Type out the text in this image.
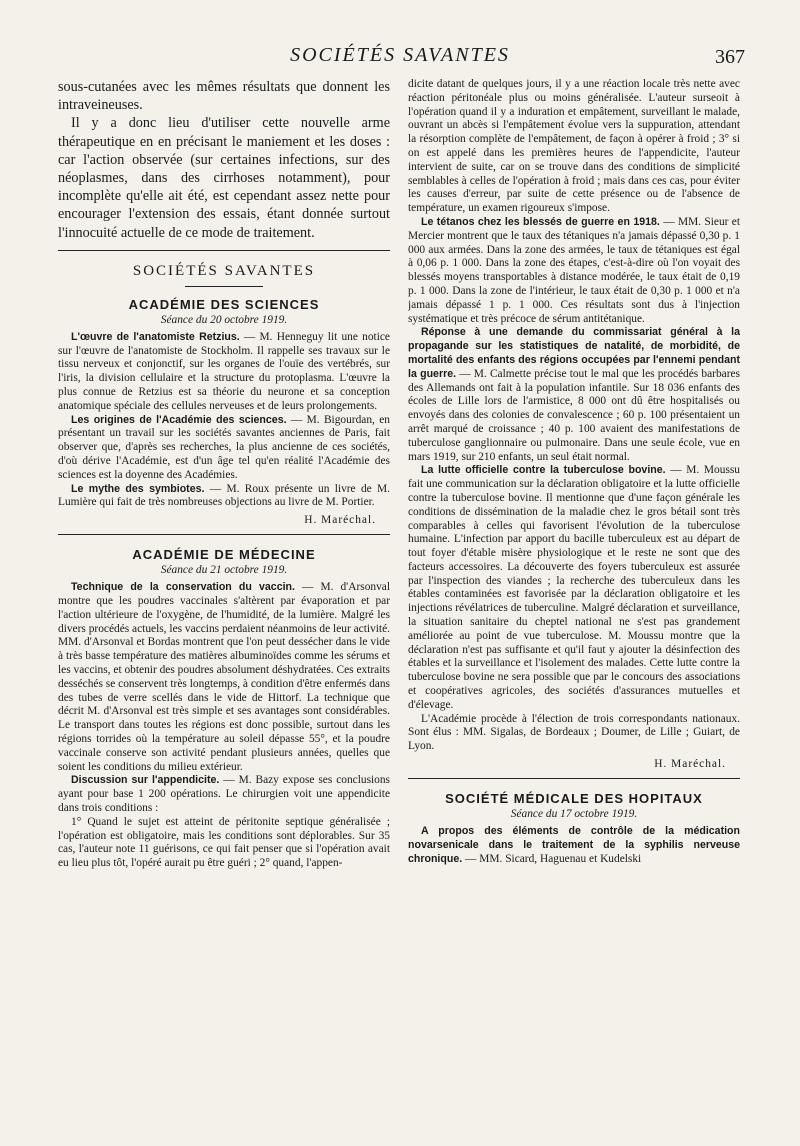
SOCIÉTÉS SAVANTES	367

sous-cutanées avec les mêmes résultats que donnent les intraveineuses.

Il y a donc lieu d'utiliser cette nouvelle arme thérapeutique en en précisant le maniement et les doses : car l'action observée (sur certaines infections, sur des néoplasmes, dans des cirrhoses notamment), pour incomplète qu'elle ait été, est cependant assez nette pour encourager l'extension des essais, étant donnée surtout l'innocuité actuelle de ce mode de traitement.

SOCIÉTÉS SAVANTES
ACADÉMIE DES SCIENCES
Séance du 20 octobre 1919.

L'œuvre de l'anatomiste Retzius. — M. Henneguy lit une notice sur l'œuvre de l'anatomiste de Stockholm. Il rappelle ses travaux sur le tissu nerveux et conjonctif, sur les organes de l'ouïe des vertébrés, sur l'iris, la division cellulaire et la structure du protoplasma. L'œuvre la plus connue de Retzius est sa théorie du neurone et sa conception anatomique spéciale des cellules nerveuses et de leurs prolongements.

Les origines de l'Académie des sciences. — M. Bigourdan, en présentant un travail sur les sociétés savantes anciennes de Paris, fait observer que, d'après ses recherches, la plus ancienne de ces sociétés, d'où dérive l'Académie, est d'un âge tel qu'en réalité l'Académie des sciences est la doyenne des Académies.

Le mythe des symbiotes. — M. Roux présente un livre de M. Lumière qui fait de très nombreuses objections au livre de M. Portier.

H. Maréchal.
ACADÉMIE DE MÉDECINE
Séance du 21 octobre 1919.

Technique de la conservation du vaccin. — M. d'Arsonval montre que les poudres vaccinales s'altèrent par évaporation et par l'action ultérieure de l'oxygène, de l'humidité, de la lumière. Malgré les divers procédés actuels, les vaccins perdaient néanmoins de leur activité. MM. d'Arsonval et Bordas montrent que l'on peut dessécher dans le vide à très basse température des matières albuminoïdes comme les sérums et les vaccins, et obtenir des poudres absolument déshydratées. Ces extraits desséchés se conservent très longtemps, à condition d'être enfermés dans des tubes de verre scellés dans le vide de Hittorf. La technique que décrit M. d'Arsonval est très simple et ses avantages sont considérables. Le transport dans toutes les régions est donc possible, surtout dans les régions torrides où la température au soleil dépasse 55°, et la poudre vaccinale conserve son activité pendant plusieurs années, quelles que soient les conditions du milieu extérieur.

Discussion sur l'appendicite. — M. Bazy expose ses conclusions ayant pour base 1 200 opérations. Le chirurgien voit une appendicite dans trois conditions :

1° Quand le sujet est atteint de péritonite septique généralisée ; l'opération est obligatoire, mais les conditions sont déplorables. Sur 35 cas, l'auteur note 11 guérisons, ce qui fait penser que si l'opération avait eu lieu plus tôt, l'opéré aurait pu être guéri ; 2° quand, l'appen-

dicite datant de quelques jours, il y a une réaction locale très nette avec réaction péritonéale plus ou moins généralisée. L'auteur surseoit à l'opération quand il y a induration et empâtement, surveillant le malade, ouvrant un abcès si l'empâtement évolue vers la suppuration, attendant la résorption complète de l'empâtement, de façon à opérer à froid ; 3° si on est appelé dans les premières heures de l'appendicite, l'auteur intervient de suite, car on se trouve dans des conditions de simplicité semblables à celles de l'opération à froid ; mais dans ces cas, pour éviter les causes d'erreur, par suite de cette présence ou de l'absence de température, un examen rigoureux s'impose.

Le tétanos chez les blessés de guerre en 1918. — MM. Sieur et Mercier montrent que le taux des tétaniques n'a jamais dépassé 0,30 p. 1 000 aux armées. Dans la zone des armées, le taux de tétaniques est égal à 0,06 p. 1 000. Dans la zone des étapes, c'est-à-dire où l'on voyait des blessés moyens transportables à distance modérée, le taux était de 0,19 p. 1 000. Dans la zone de l'intérieur, le taux était de 0,30 p. 1 000 et n'a jamais dépassé 1 p. 1 000. Ces résultats sont dus à l'injection systématique et très précoce de sérum antitétanique.

Réponse à une demande du commissariat général à la propagande sur les statistiques de natalité, de morbidité, de mortalité des enfants des régions occupées par l'ennemi pendant la guerre. — M. Calmette précise tout le mal que les procédés barbares des Allemands ont fait à la population infantile. Sur 18 036 enfants des écoles de Lille lors de l'armistice, 8 000 ont dû être hospitalisés ou envoyés dans des colonies de convalescence ; 60 p. 100 présentaient un arrêt marqué de croissance ; 40 p. 100 avaient des manifestations de tuberculose ganglionnaire ou pulmonaire. Dans une seule école, vue en mars 1919, sur 210 enfants, un seul était normal.

La lutte officielle contre la tuberculose bovine. — M. Moussu fait une communication sur la déclaration obligatoire et la lutte officielle contre la tuberculose bovine. Il mentionne que d'une façon générale les conditions de dissémination de la maladie chez le gros bétail sont très comparables à celles qui favorisent l'évolution de la tuberculose humaine. L'infection par apport du bacille tuberculeux est au départ de tout foyer d'étable misère physiologique et le reste ne sont que des facteurs accessoires. La découverte des foyers tuberculeux est assurée par l'inspection des viandes ; la recherche des tuberculeux dans les étables contaminées est favorisée par la déclaration obligatoire et les injections révélatrices de tuberculine. Malgré déclaration et surveillance, la situation sanitaire du cheptel national ne s'est pas grandement améliorée au point de vue tuberculose. M. Moussu montre que la déclaration n'est pas suffisante et qu'il faut y ajouter la désinfection des étables et la surveillance et l'isolement des malades. Cette lutte contre la tuberculose bovine ne sera possible que par le concours des associations et coopératives agricoles, des sociétés d'assurances mutuelles et d'élevage.

L'Académie procède à l'élection de trois correspondants nationaux. Sont élus : MM. Sigalas, de Bordeaux ; Doumer, de Lille ; Guiart, de Lyon.

H. Maréchal.
SOCIÉTÉ MÉDICALE DES HOPITAUX
Séance du 17 octobre 1919.

A propos des éléments de contrôle de la médication novarsenicale dans le traitement de la syphilis nerveuse chronique. — MM. Sicard, Haguenau et Kudelski
